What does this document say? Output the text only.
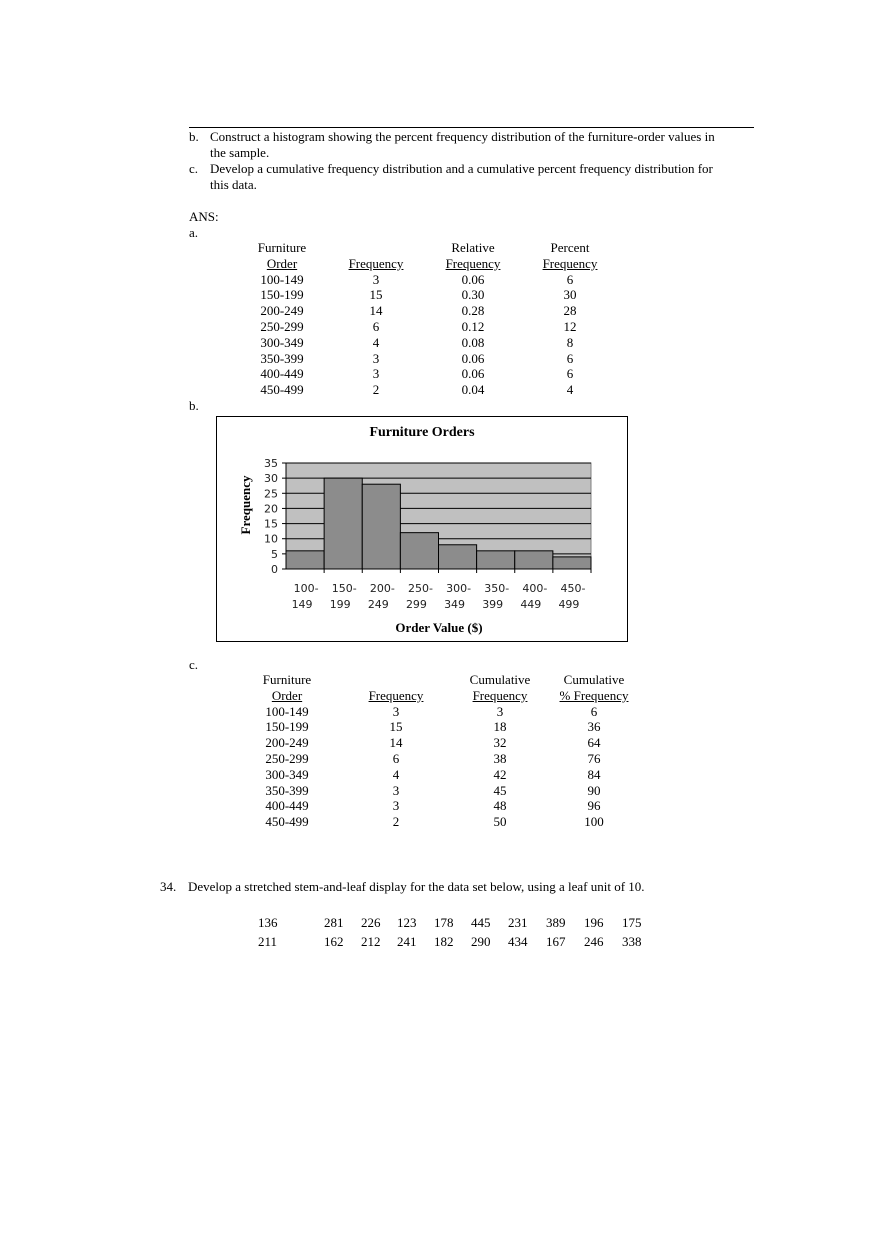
b. Construct a histogram showing the percent frequency distribution of the furniture-order values in
the sample.
c. Develop a cumulative frequency distribution and a cumulative percent frequency distribution for
this data.
ANS:
a.
Furniture		Relative	Percent
Order	Frequency	Frequency	Frequency
100-149	3	0.06	6
150-199	15	0.30	30
200-249	14	0.28	28
250-299	6	0.12	12
300-349	4	0.08	8
350-399	3	0.06	6
400-449	3	0.06	6
450-499	2	0.04	4
b.
Furniture Orders
0
5
10
15
20
25
30
35
100-
149
150-
199
200-
249
250-
299
300-
349
350-
399
400-
449
450-
499
Order Value ($)
Frequency
c.
Furniture		Cumulative	Cumulative
Order	Frequency	Frequency	% Frequency
100-149	3	3	6
150-199	15	18	36
200-249	14	32	64
250-299	6	38	76
300-349	4	42	84
350-399	3	45	90
400-449	3	48	96
450-499	2	50	100
34. Develop a stretched stem-and-leaf display for the data set below, using a leaf unit of 10.
136	281 226 123 178 445 231 389 196 175
211	162 212 241 182 290 434 167 246 338
